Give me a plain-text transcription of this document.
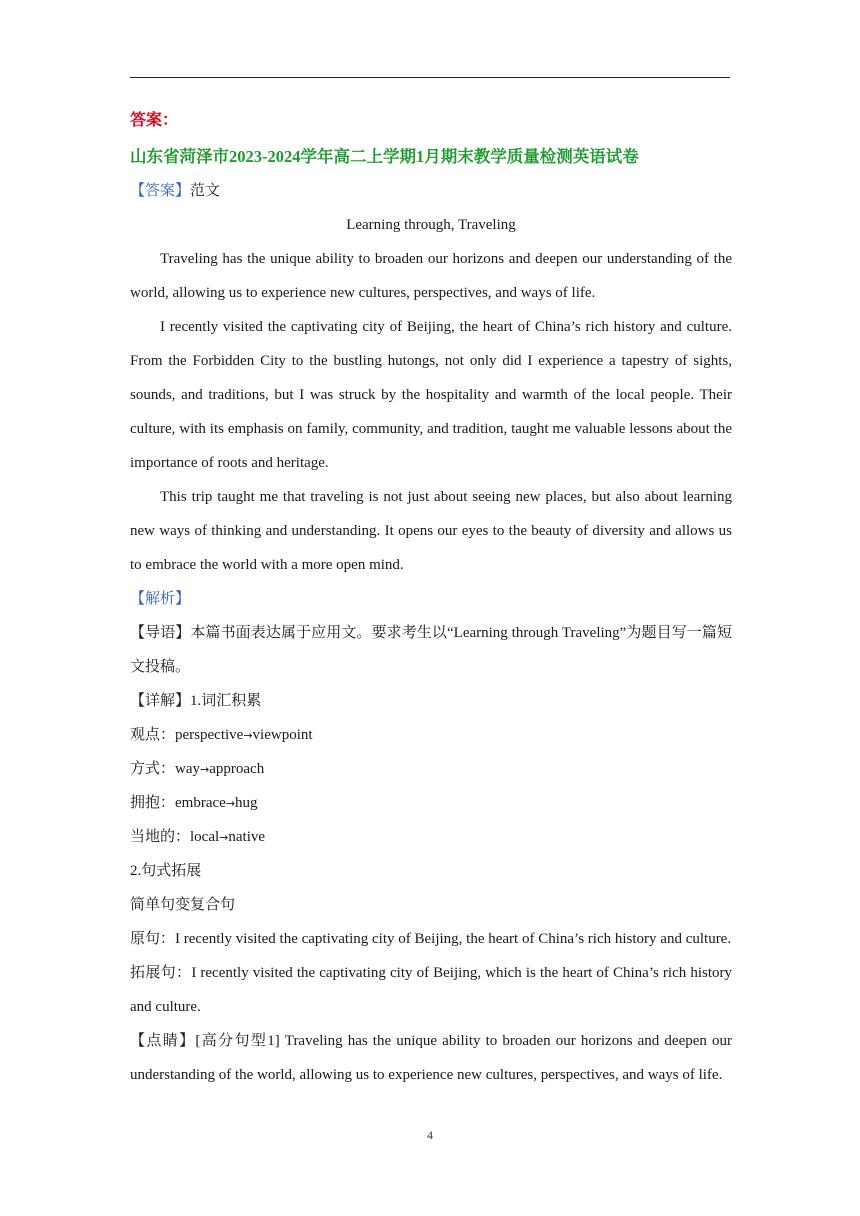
答案：
山东省菏泽市2023-2024学年高二上学期1月期末教学质量检测英语试卷
【答案】范文
Learning through, Traveling

Traveling has the unique ability to broaden our horizons and deepen our understanding of the world, allowing us to experience new cultures, perspectives, and ways of life.

I recently visited the captivating city of Beijing, the heart of China’s rich history and culture. From the Forbidden City to the bustling hutongs, not only did I experience a tapestry of sights, sounds, and traditions, but I was struck by the hospitality and warmth of the local people. Their culture, with its emphasis on family, community, and tradition, taught me valuable lessons about the importance of roots and heritage.

This trip taught me that traveling is not just about seeing new places, but also about learning new ways of thinking and understanding. It opens our eyes to the beauty of diversity and allows us to embrace the world with a more open mind.

【解析】

【导语】本篇书面表达属于应用文。要求考生以“Learning through Traveling”为题目写一篇短文投稿。

【详解】1.词汇积累
观点：perspective→viewpoint
方式：way→approach
拥抱：embrace→hug
当地的：local→native
2.句式拓展
简单句变复合句

原句：I recently visited the captivating city of Beijing, the heart of China’s rich history and culture.

拓展句：I recently visited the captivating city of Beijing, which is the heart of China’s rich history and culture.

【点睛】[高分句型1] Traveling has the unique ability to broaden our horizons and deepen our understanding of the world, allowing us to experience new cultures, perspectives, and ways of life.

4
